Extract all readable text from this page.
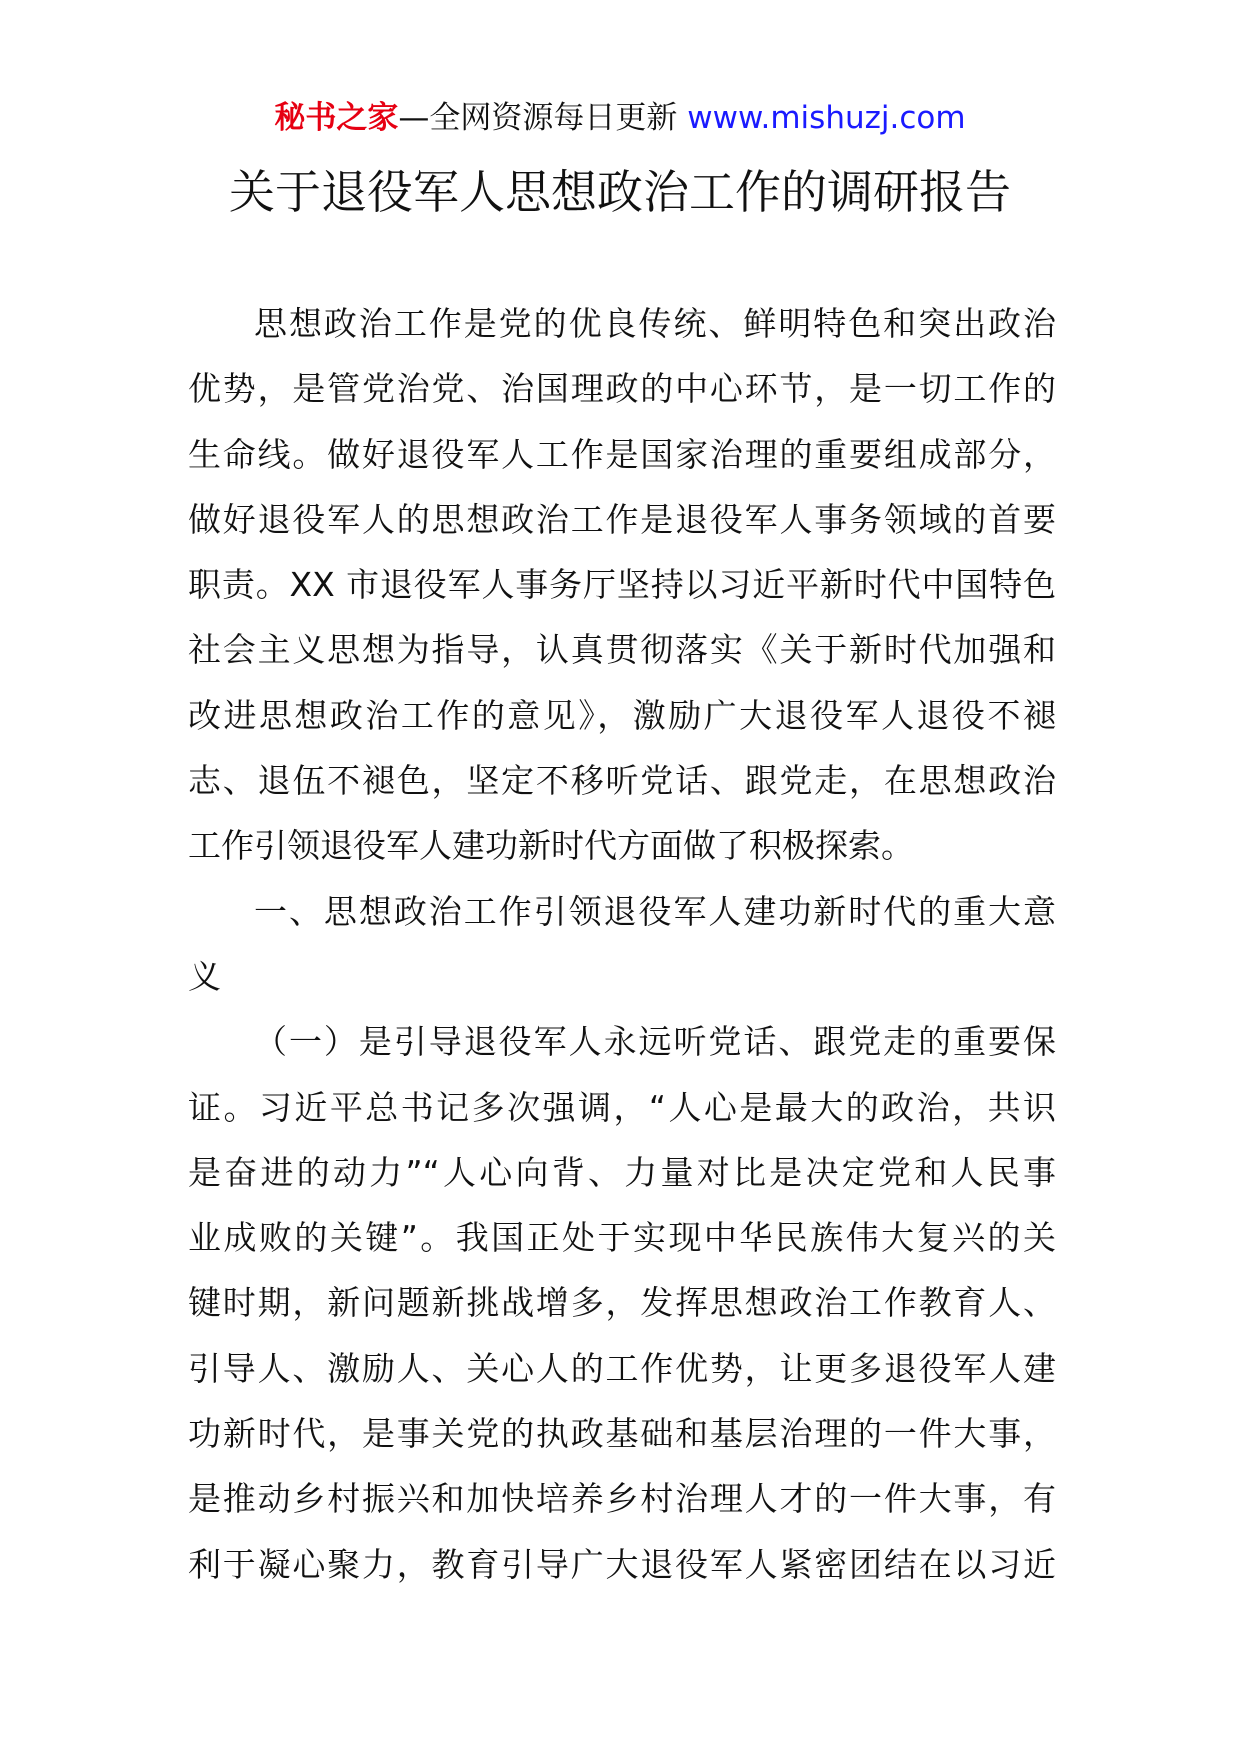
秘书之家—全网资源每日更新 www.mishuzj.com
关于退役军人思想政治工作的调研报告
思想政治工作是党的优良传统、鲜明特色和突出政治
优势，是管党治党、治国理政的中心环节，是一切工作的
生命线。做好退役军人工作是国家治理的重要组成部分，
做好退役军人的思想政治工作是退役军人事务领域的首要
职责。XX 市退役军人事务厅坚持以习近平新时代中国特色
社会主义思想为指导，认真贯彻落实《关于新时代加强和
改进思想政治工作的意见》，激励广大退役军人退役不褪
志、退伍不褪色，坚定不移听党话、跟党走，在思想政治
工作引领退役军人建功新时代方面做了积极探索。
一、思想政治工作引领退役军人建功新时代的重大意
义
（一）是引导退役军人永远听党话、跟党走的重要保
证。习近平总书记多次强调，“人心是最大的政治，共识
是奋进的动力”“人心向背、力量对比是决定党和人民事
业成败的关键”。我国正处于实现中华民族伟大复兴的关
键时期，新问题新挑战增多，发挥思想政治工作教育人、
引导人、激励人、关心人的工作优势，让更多退役军人建
功新时代，是事关党的执政基础和基层治理的一件大事，
是推动乡村振兴和加快培养乡村治理人才的一件大事，有
利于凝心聚力，教育引导广大退役军人紧密团结在以习近
